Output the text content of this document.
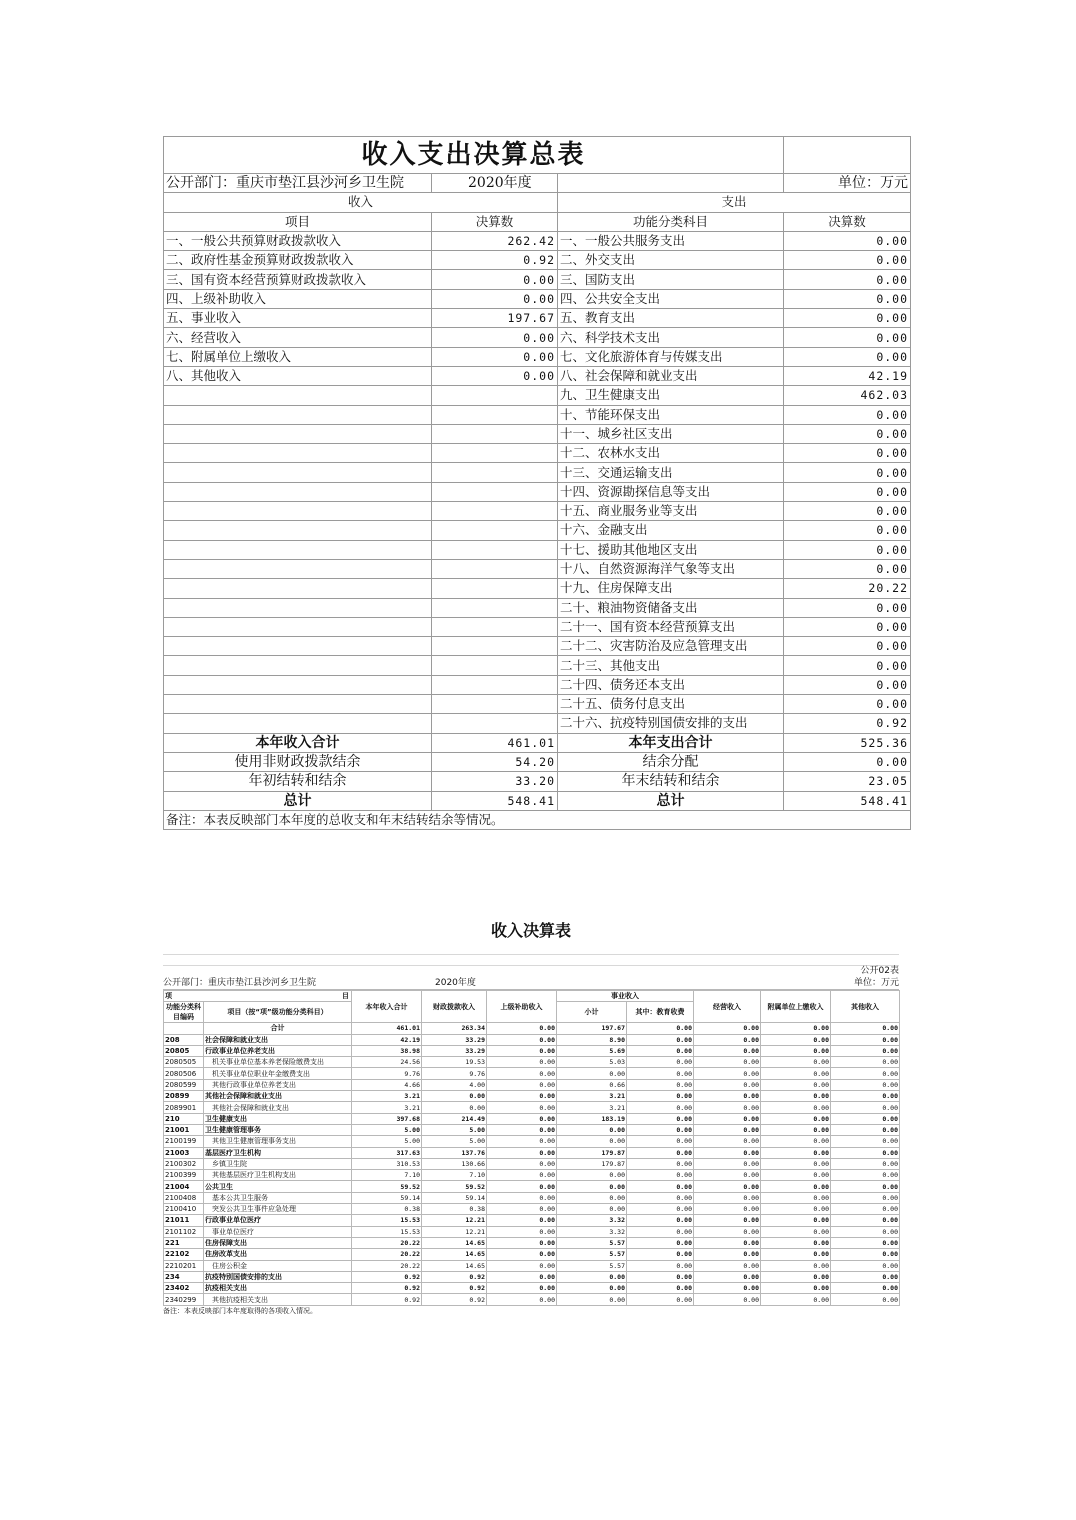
收入支出决算总表			
公开部门：重庆市垫江县沙河乡卫生院	2020年度		单位：万元
收入		支出	
项目	决算数	功能分类科目	决算数
一、一般公共预算财政拨款收入	262.42	一、一般公共服务支出	0.00
二、政府性基金预算财政拨款收入	0.92	二、外交支出	0.00
三、国有资本经营预算财政拨款收入	0.00	三、国防支出	0.00
四、上级补助收入	0.00	四、公共安全支出	0.00
五、事业收入	197.67	五、教育支出	0.00
六、经营收入	0.00	六、科学技术支出	0.00
七、附属单位上缴收入	0.00	七、文化旅游体育与传媒支出	0.00
八、其他收入	0.00	八、社会保障和就业支出	42.19
		九、卫生健康支出	462.03
		十、节能环保支出	0.00
		十一、城乡社区支出	0.00
		十二、农林水支出	0.00
		十三、交通运输支出	0.00
		十四、资源勘探信息等支出	0.00
		十五、商业服务业等支出	0.00
		十六、金融支出	0.00
		十七、援助其他地区支出	0.00
		十八、自然资源海洋气象等支出	0.00
		十九、住房保障支出	20.22
		二十、粮油物资储备支出	0.00
		二十一、国有资本经营预算支出	0.00
		二十二、灾害防治及应急管理支出	0.00
		二十三、其他支出	0.00
		二十四、债务还本支出	0.00
		二十五、债务付息支出	0.00
		二十六、抗疫特别国债安排的支出	0.92
本年收入合计	461.01	本年支出合计	525.36
使用非财政拨款结余	54.20	结余分配	0.00
年初结转和结余	33.20	年末结转和结余	23.05
总计	548.41	总计	548.41
备注：本表反映部门本年度的总收支和年末结转结余等情况。			
收入决算表
公开02表
公开部门：重庆市垫江县沙河乡卫生院	2020年度	单位：万元
项 目		本年收入合计	财政拨款收入	上级补助收入	事业收入		经营收入	附属单位上缴收入	其他收入
功能分类科目编码	项目（按“项”级功能分类科目）								
					小计	其中：教育收费			
	合计	461.01	263.34	0.00	197.67	0.00	0.00	0.00	0.00
208	社会保障和就业支出	42.19	33.29	0.00	8.90	0.00	0.00	0.00	0.00
20805	行政事业单位养老支出	38.98	33.29	0.00	5.69	0.00	0.00	0.00	0.00
2080505	机关事业单位基本养老保险缴费支出	24.56	19.53	0.00	5.03	0.00	0.00	0.00	0.00
2080506	机关事业单位职业年金缴费支出	9.76	9.76	0.00	0.00	0.00	0.00	0.00	0.00
2080599	其他行政事业单位养老支出	4.66	4.00	0.00	0.66	0.00	0.00	0.00	0.00
20899	其他社会保障和就业支出	3.21	0.00	0.00	3.21	0.00	0.00	0.00	0.00
2089901	其他社会保障和就业支出	3.21	0.00	0.00	3.21	0.00	0.00	0.00	0.00
210	卫生健康支出	397.68	214.49	0.00	183.19	0.00	0.00	0.00	0.00
21001	卫生健康管理事务	5.00	5.00	0.00	0.00	0.00	0.00	0.00	0.00
2100199	其他卫生健康管理事务支出	5.00	5.00	0.00	0.00	0.00	0.00	0.00	0.00
21003	基层医疗卫生机构	317.63	137.76	0.00	179.87	0.00	0.00	0.00	0.00
2100302	乡镇卫生院	310.53	130.66	0.00	179.87	0.00	0.00	0.00	0.00
2100399	其他基层医疗卫生机构支出	7.10	7.10	0.00	0.00	0.00	0.00	0.00	0.00
21004	公共卫生	59.52	59.52	0.00	0.00	0.00	0.00	0.00	0.00
2100408	基本公共卫生服务	59.14	59.14	0.00	0.00	0.00	0.00	0.00	0.00
2100410	突发公共卫生事件应急处理	0.38	0.38	0.00	0.00	0.00	0.00	0.00	0.00
21011	行政事业单位医疗	15.53	12.21	0.00	3.32	0.00	0.00	0.00	0.00
2101102	事业单位医疗	15.53	12.21	0.00	3.32	0.00	0.00	0.00	0.00
221	住房保障支出	20.22	14.65	0.00	5.57	0.00	0.00	0.00	0.00
22102	住房改革支出	20.22	14.65	0.00	5.57	0.00	0.00	0.00	0.00
2210201	住房公积金	20.22	14.65	0.00	5.57	0.00	0.00	0.00	0.00
234	抗疫特别国债安排的支出	0.92	0.92	0.00	0.00	0.00	0.00	0.00	0.00
23402	抗疫相关支出	0.92	0.92	0.00	0.00	0.00	0.00	0.00	0.00
2340299	其他抗疫相关支出	0.92	0.92	0.00	0.00	0.00	0.00	0.00	0.00
备注：本表反映部门本年度取得的各项收入情况。
